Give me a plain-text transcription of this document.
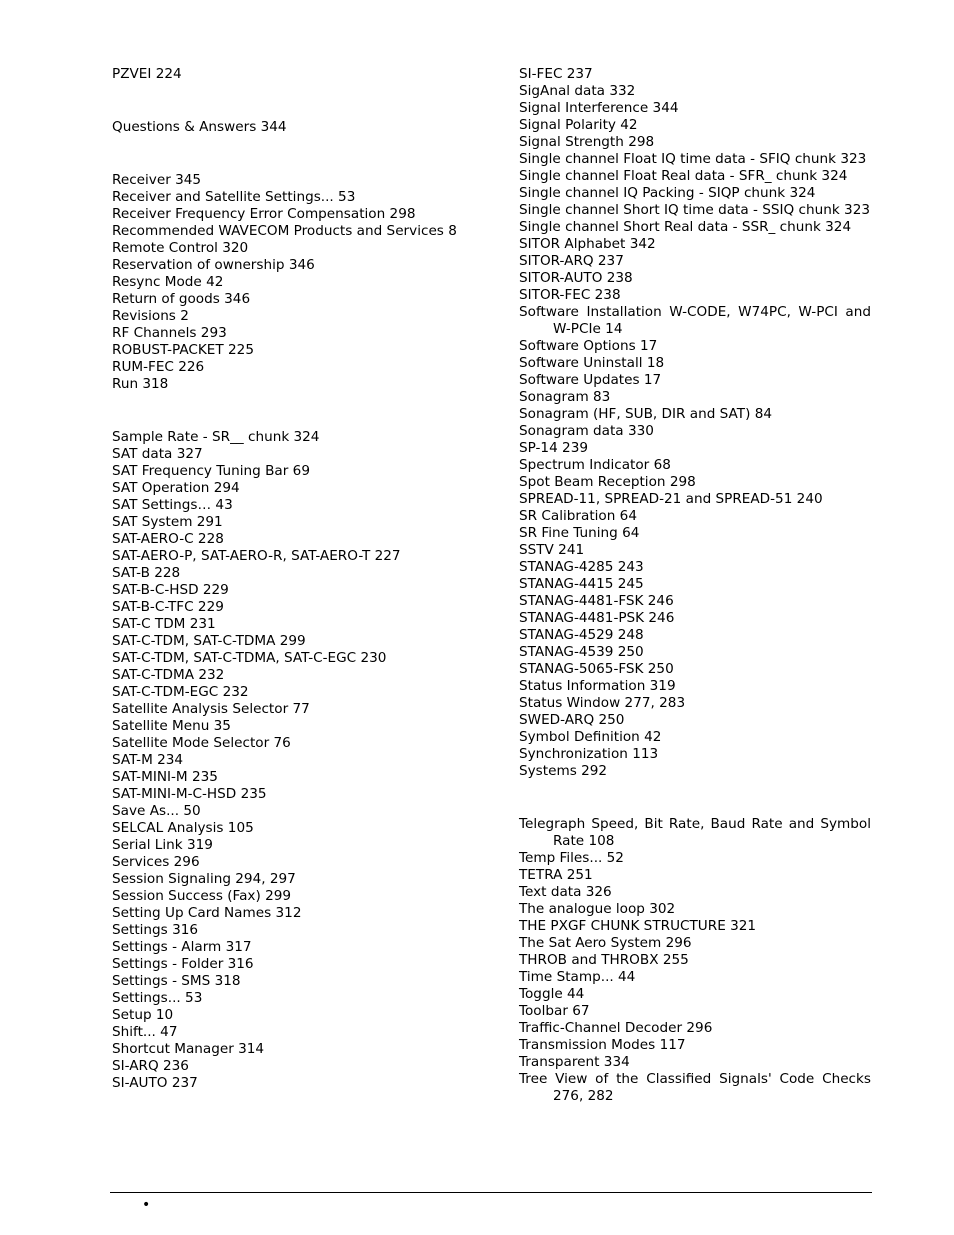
PZVEI 224
Questions & Answers 344
Receiver 345
Receiver and Satellite Settings... 53
Receiver Frequency Error Compensation 298
Recommended WAVECOM Products and Services 8
Remote Control 320
Reservation of ownership 346
Resync Mode 42
Return of goods 346
Revisions 2
RF Channels 293
ROBUST-PACKET 225
RUM-FEC 226
Run 318
Sample Rate - SR__ chunk 324
SAT data 327
SAT Frequency Tuning Bar 69
SAT Operation 294
SAT Settings… 43
SAT System 291
SAT-AERO-C 228
SAT-AERO-P, SAT-AERO-R, SAT-AERO-T 227
SAT-B 228
SAT-B-C-HSD 229
SAT-B-C-TFC 229
SAT-C TDM 231
SAT-C-TDM, SAT-C-TDMA 299
SAT-C-TDM, SAT-C-TDMA, SAT-C-EGC 230
SAT-C-TDMA 232
SAT-C-TDM-EGC 232
Satellite Analysis Selector 77
Satellite Menu 35
Satellite Mode Selector 76
SAT-M 234
SAT-MINI-M 235
SAT-MINI-M-C-HSD 235
Save As... 50
SELCAL Analysis 105
Serial Link 319
Services 296
Session Signaling 294, 297
Session Success (Fax) 299
Setting Up Card Names 312
Settings 316
Settings - Alarm 317
Settings - Folder 316
Settings - SMS 318
Settings... 53
Setup 10
Shift... 47
Shortcut Manager 314
SI-ARQ 236
SI-AUTO 237
SI-FEC 237
SigAnal data 332
Signal Interference 344
Signal Polarity 42
Signal Strength 298
Single channel Float IQ time data - SFIQ chunk 323
Single channel Float Real data - SFR_ chunk 324
Single channel IQ Packing - SIQP chunk 324
Single channel Short IQ time data - SSIQ chunk 323
Single channel Short Real data - SSR_ chunk 324
SITOR Alphabet 342
SITOR-ARQ 237
SITOR-AUTO 238
SITOR-FEC 238
Software Installation W-CODE, W74PC, W-PCI and W-PCIe 14
Software Options 17
Software Uninstall 18
Software Updates 17
Sonagram 83
Sonagram (HF, SUB, DIR and SAT) 84
Sonagram data 330
SP-14 239
Spectrum Indicator 68
Spot Beam Reception 298
SPREAD-11, SPREAD-21 and SPREAD-51 240
SR Calibration 64
SR Fine Tuning 64
SSTV 241
STANAG-4285 243
STANAG-4415 245
STANAG-4481-FSK 246
STANAG-4481-PSK 246
STANAG-4529 248
STANAG-4539 250
STANAG-5065-FSK 250
Status Information 319
Status Window 277, 283
SWED-ARQ 250
Symbol Definition 42
Synchronization 113
Systems 292
Telegraph Speed, Bit Rate, Baud Rate and Symbol Rate 108
Temp Files... 52
TETRA 251
Text data 326
The analogue loop 302
THE PXGF CHUNK STRUCTURE 321
The Sat Aero System 296
THROB and THROBX 255
Time Stamp... 44
Toggle 44
Toolbar 67
Traffic-Channel Decoder 296
Transmission Modes 117
Transparent 334
Tree View of the Classified Signals' Code Checks 276, 282
•
